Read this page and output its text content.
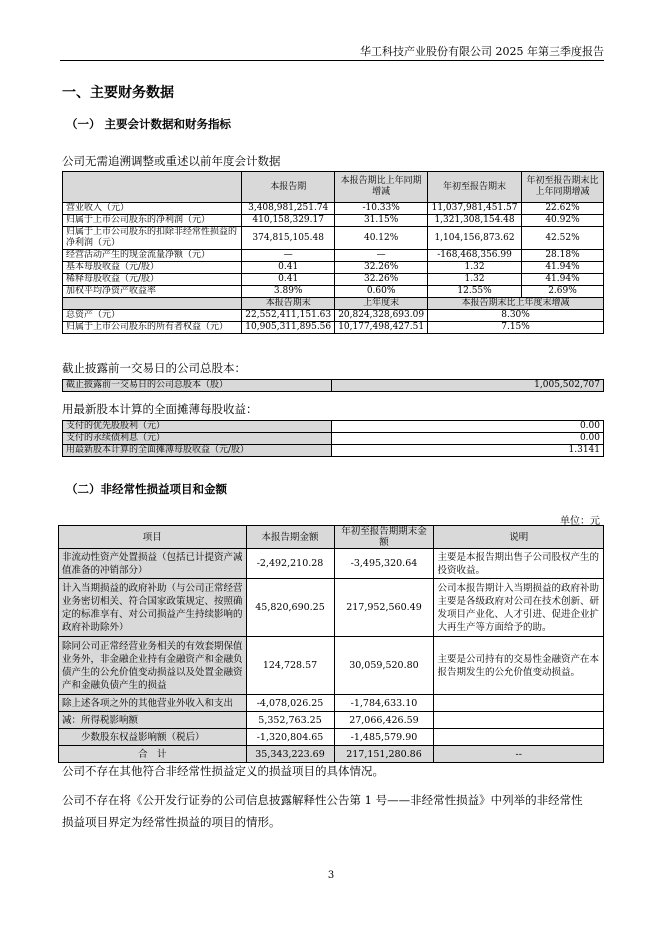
华工科技产业股份有限公司 2025 年第三季度报告
一、主要财务数据
（一） 主要会计数据和财务指标
公司无需追溯调整或重述以前年度会计数据
	本报告期	本报告期比上年同期增减	年初至报告期末	年初至报告期末比上年同期增减
营业收入（元）	3,408,981,251.74	-10.33%	11,037,981,451.57	22.62%
归属于上市公司股东的净利润（元）	410,158,329.17	31.15%	1,321,308,154.48	40.92%
归属于上市公司股东的扣除非经常性损益的净利润（元）	374,815,105.48	40.12%	1,104,156,873.62	42.52%
经营活动产生的现金流量净额（元）	—	—	-168,468,356.99	28.18%
基本每股收益（元/股）	0.41	32.26%	1.32	41.94%
稀释每股收益（元/股）	0.41	32.26%	1.32	41.94%
加权平均净资产收益率	3.89%	0.60%	12.55%	2.69%
	本报告期末	上年度末	本报告期末比上年度末增减	
总资产（元）	22,552,411,151.63	20,824,328,693.09	8.30%	
归属于上市公司股东的所有者权益（元）	10,905,311,895.56	10,177,498,427.51	7.15%	
截止披露前一交易日的公司总股本：
截止披露前一交易日的公司总股本（股）	1,005,502,707
用最新股本计算的全面摊薄每股收益：
支付的优先股股利（元）	0.00
支付的永续债利息（元）	0.00
用最新股本计算的全面摊薄每股收益（元/股）	1.3141
（二）非经常性损益项目和金额
单位：元
项目	本报告期金额	年初至报告期期末金额	说明
非流动性资产处置损益（包括已计提资产减值准备的冲销部分）	-2,492,210.28	-3,495,320.64	主要是本报告期出售子公司股权产生的投资收益。
计入当期损益的政府补助（与公司正常经营业务密切相关、符合国家政策规定、按照确定的标准享有、对公司损益产生持续影响的政府补助除外）	45,820,690.25	217,952,560.49	公司本报告期计入当期损益的政府补助主要是各级政府对公司在技术创新、研发项目产业化、人才引进、促进企业扩大再生产等方面给予的助。
除同公司正常经营业务相关的有效套期保值业务外，非金融企业持有金融资产和金融负债产生的公允价值变动损益以及处置金融资产和金融负债产生的损益	124,728.57	30,059,520.80	主要是公司持有的交易性金融资产在本报告期发生的公允价值变动损益。
除上述各项之外的其他营业外收入和支出	-4,078,026.25	-1,784,633.10	
减：所得税影响额	5,352,763.25	27,066,426.59	
少数股东权益影响额（税后）	-1,320,804.65	-1,485,579.90	
合　计	35,343,223.69	217,151,280.86	--
公司不存在其他符合非经常性损益定义的损益项目的具体情况。
公司不存在将《公开发行证券的公司信息披露解释性公告第 1 号——非经常性损益》中列举的非经常性
损益项目界定为经常性损益的项目的情形。
3
